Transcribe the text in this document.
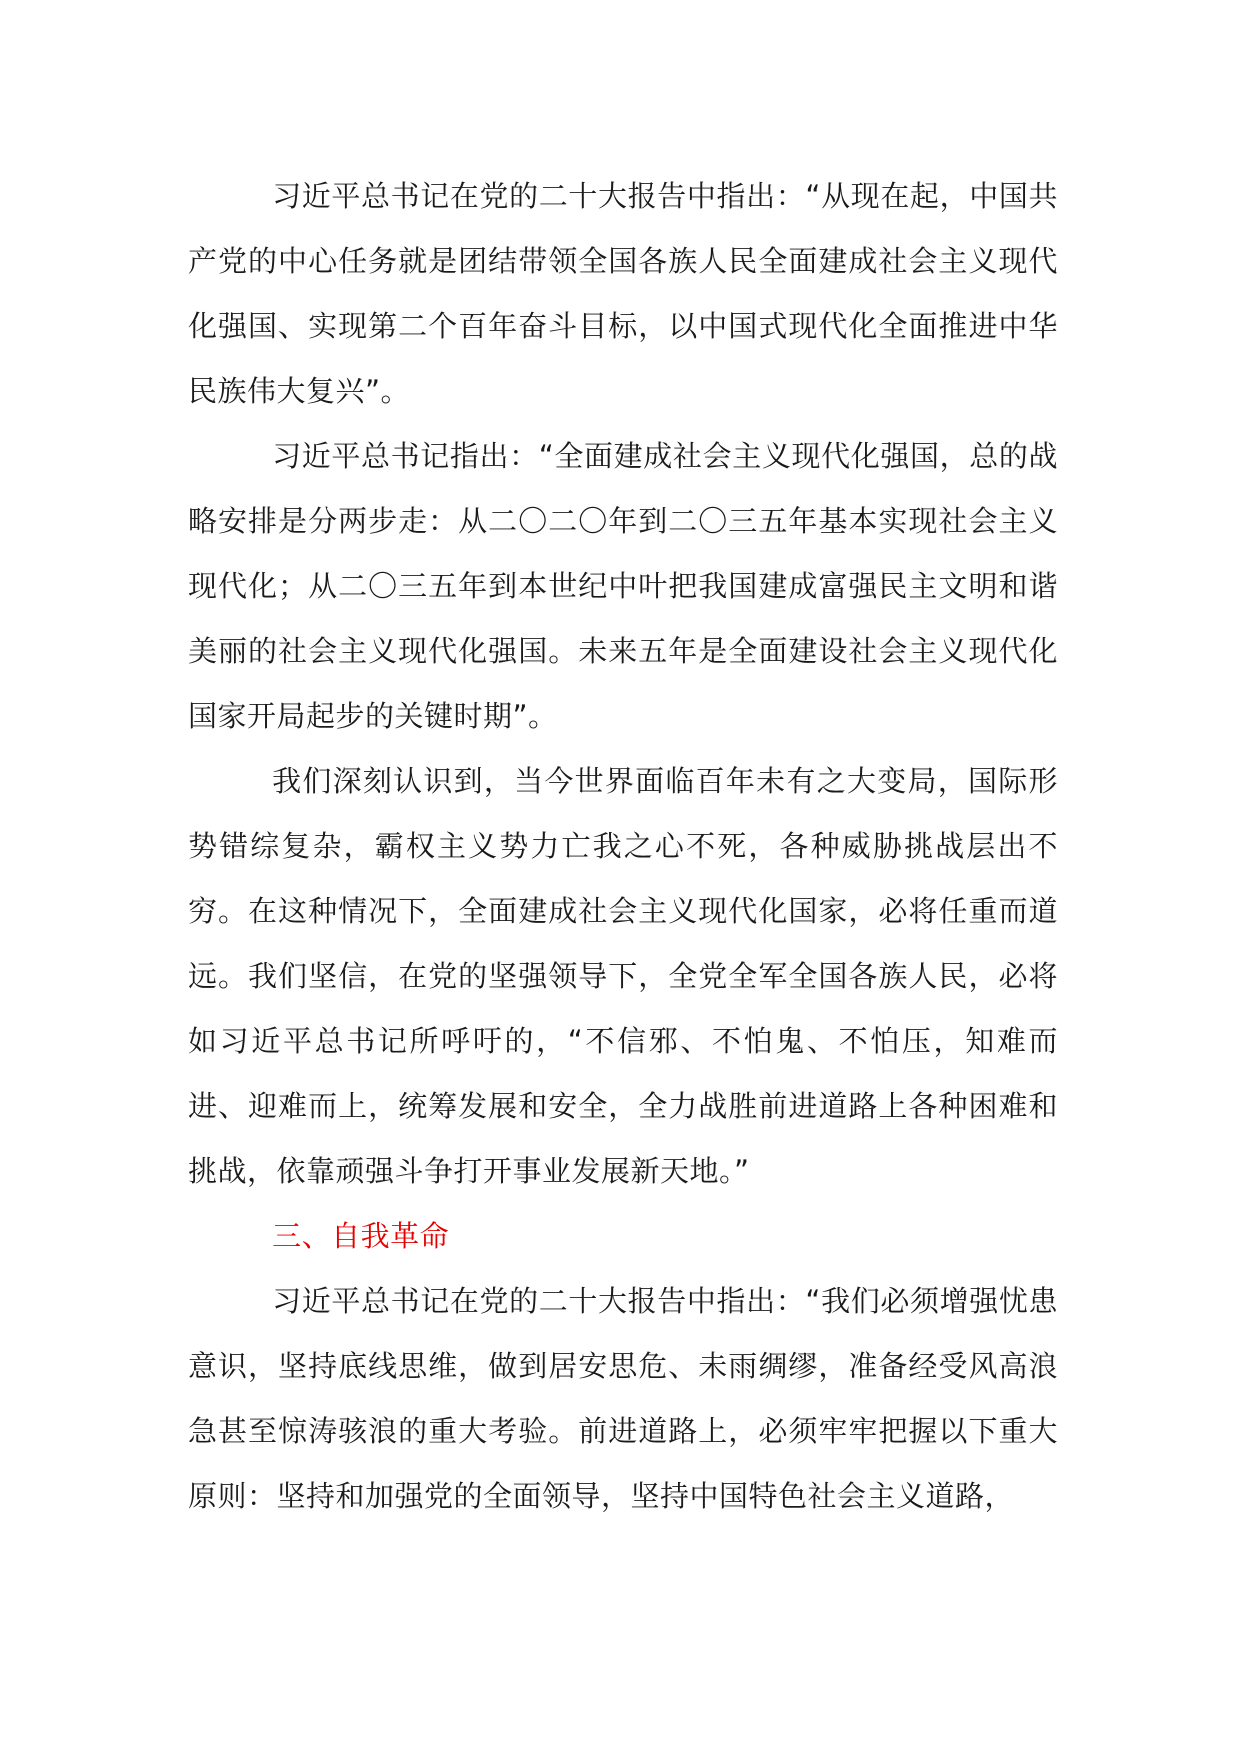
习近平总书记在党的二十大报告中指出：“从现在起，中国共产党的中心任务就是团结带领全国各族人民全面建成社会主义现代化强国、实现第二个百年奋斗目标，以中国式现代化全面推进中华民族伟大复兴”。

习近平总书记指出：“全面建成社会主义现代化强国，总的战略安排是分两步走：从二〇二〇年到二〇三五年基本实现社会主义现代化；从二〇三五年到本世纪中叶把我国建成富强民主文明和谐美丽的社会主义现代化强国。未来五年是全面建设社会主义现代化国家开局起步的关键时期”。

我们深刻认识到，当今世界面临百年未有之大变局，国际形势错综复杂，霸权主义势力亡我之心不死，各种威胁挑战层出不穷。在这种情况下，全面建成社会主义现代化国家，必将任重而道远。我们坚信，在党的坚强领导下，全党全军全国各族人民，必将如习近平总书记所呼吁的，“不信邪、不怕鬼、不怕压，知难而进、迎难而上，统筹发展和安全，全力战胜前进道路上各种困难和挑战，依靠顽强斗争打开事业发展新天地。”

三、自我革命

习近平总书记在党的二十大报告中指出：“我们必须增强忧患意识，坚持底线思维，做到居安思危、未雨绸缪，准备经受风高浪急甚至惊涛骇浪的重大考验。前进道路上，必须牢牢把握以下重大原则：坚持和加强党的全面领导，坚持中国特色社会主义道路，
